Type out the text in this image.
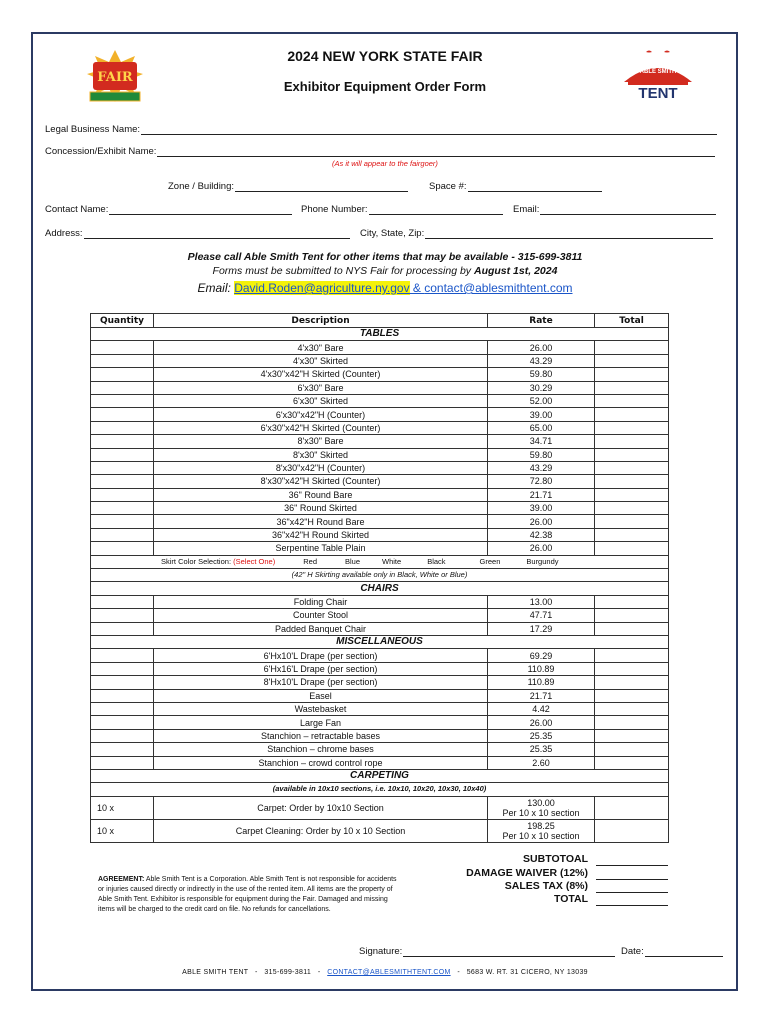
FAIR	ABLE SMITH
TENT
2024 NEW YORK STATE FAIR
Exhibitor Equipment Order Form
Legal Business Name:
Concession/Exhibit Name:
(As it will appear to the fairgoer)
Zone / Building:	Space #:
Contact Name:	Phone Number:	Email:
Address:	City, State, Zip:
Please call Able Smith Tent for other items that may be available - 315-699-3811
Forms must be submitted to NYS Fair for processing by August 1st, 2024
Email: David.Roden@agriculture.ny.gov & contact@ablesmithtent.com
Quantity	Description	Rate	Total
TABLES			
	4'x30" Bare	26.00	
	4'x30" Skirted	43.29	
	4'x30"x42"H Skirted (Counter)	59.80	
	6'x30" Bare	30.29	
	6'x30" Skirted	52.00	
	6'x30"x42"H (Counter)	39.00	
	6'x30"x42"H Skirted (Counter)	65.00	
	8'x30" Bare	34.71	
	8'x30" Skirted	59.80	
	8'x30"x42"H (Counter)	43.29	
	8'x30"x42"H Skirted (Counter)	72.80	
	36" Round Bare	21.71	
	36" Round Skirted	39.00	
	36"x42"H Round Bare	26.00	
	36"x42"H Round Skirted	42.38	
	Serpentine Table Plain	26.00	
Skirt Color Selection: (Select One) Red Blue White Black Green Burgundy			
(42" H Skirting available only in Black, White or Blue)			
CHAIRS			
	Folding Chair	13.00	
	Counter Stool	47.71	
	Padded Banquet Chair	17.29	
MISCELLANEOUS			
	6'Hx10'L Drape (per section)	69.29	
	6'Hx16'L Drape (per section)	110.89	
	8'Hx10'L Drape (per section)	110.89	
	Easel	21.71	
	Wastebasket	4.42	
	Large Fan	26.00	
	Stanchion – retractable bases	25.35	
	Stanchion – chrome bases	25.35	
	Stanchion – crowd control rope	2.60	
CARPETING			
(available in 10x10 sections, i.e. 10x10, 10x20, 10x30, 10x40)			
10 x	Carpet: Order by 10x10 Section	130.00
Per 10 x 10 section	

10 x	Carpet Cleaning: Order by 10 x 10 Section	198.25
Per 10 x 10 section	

SUBTOTOAL
DAMAGE WAIVER (12%)
SALES TAX (8%)
TOTAL
AGREEMENT: Able Smith Tent is a Corporation. Able Smith Tent is not responsible for accidents or injuries caused directly or indirectly in the use of the rented item. All items are the property of Able Smith Tent. Exhibitor is responsible for equipment during the Fair. Damaged and missing items will be charged to the credit card on file. No refunds for cancellations.
Signature:	Date:
ABLE SMITH TENT - 315-699-3811 - CONTACT@ABLESMITHTENT.COM - 5683 W. RT. 31 CICERO, NY 13039
